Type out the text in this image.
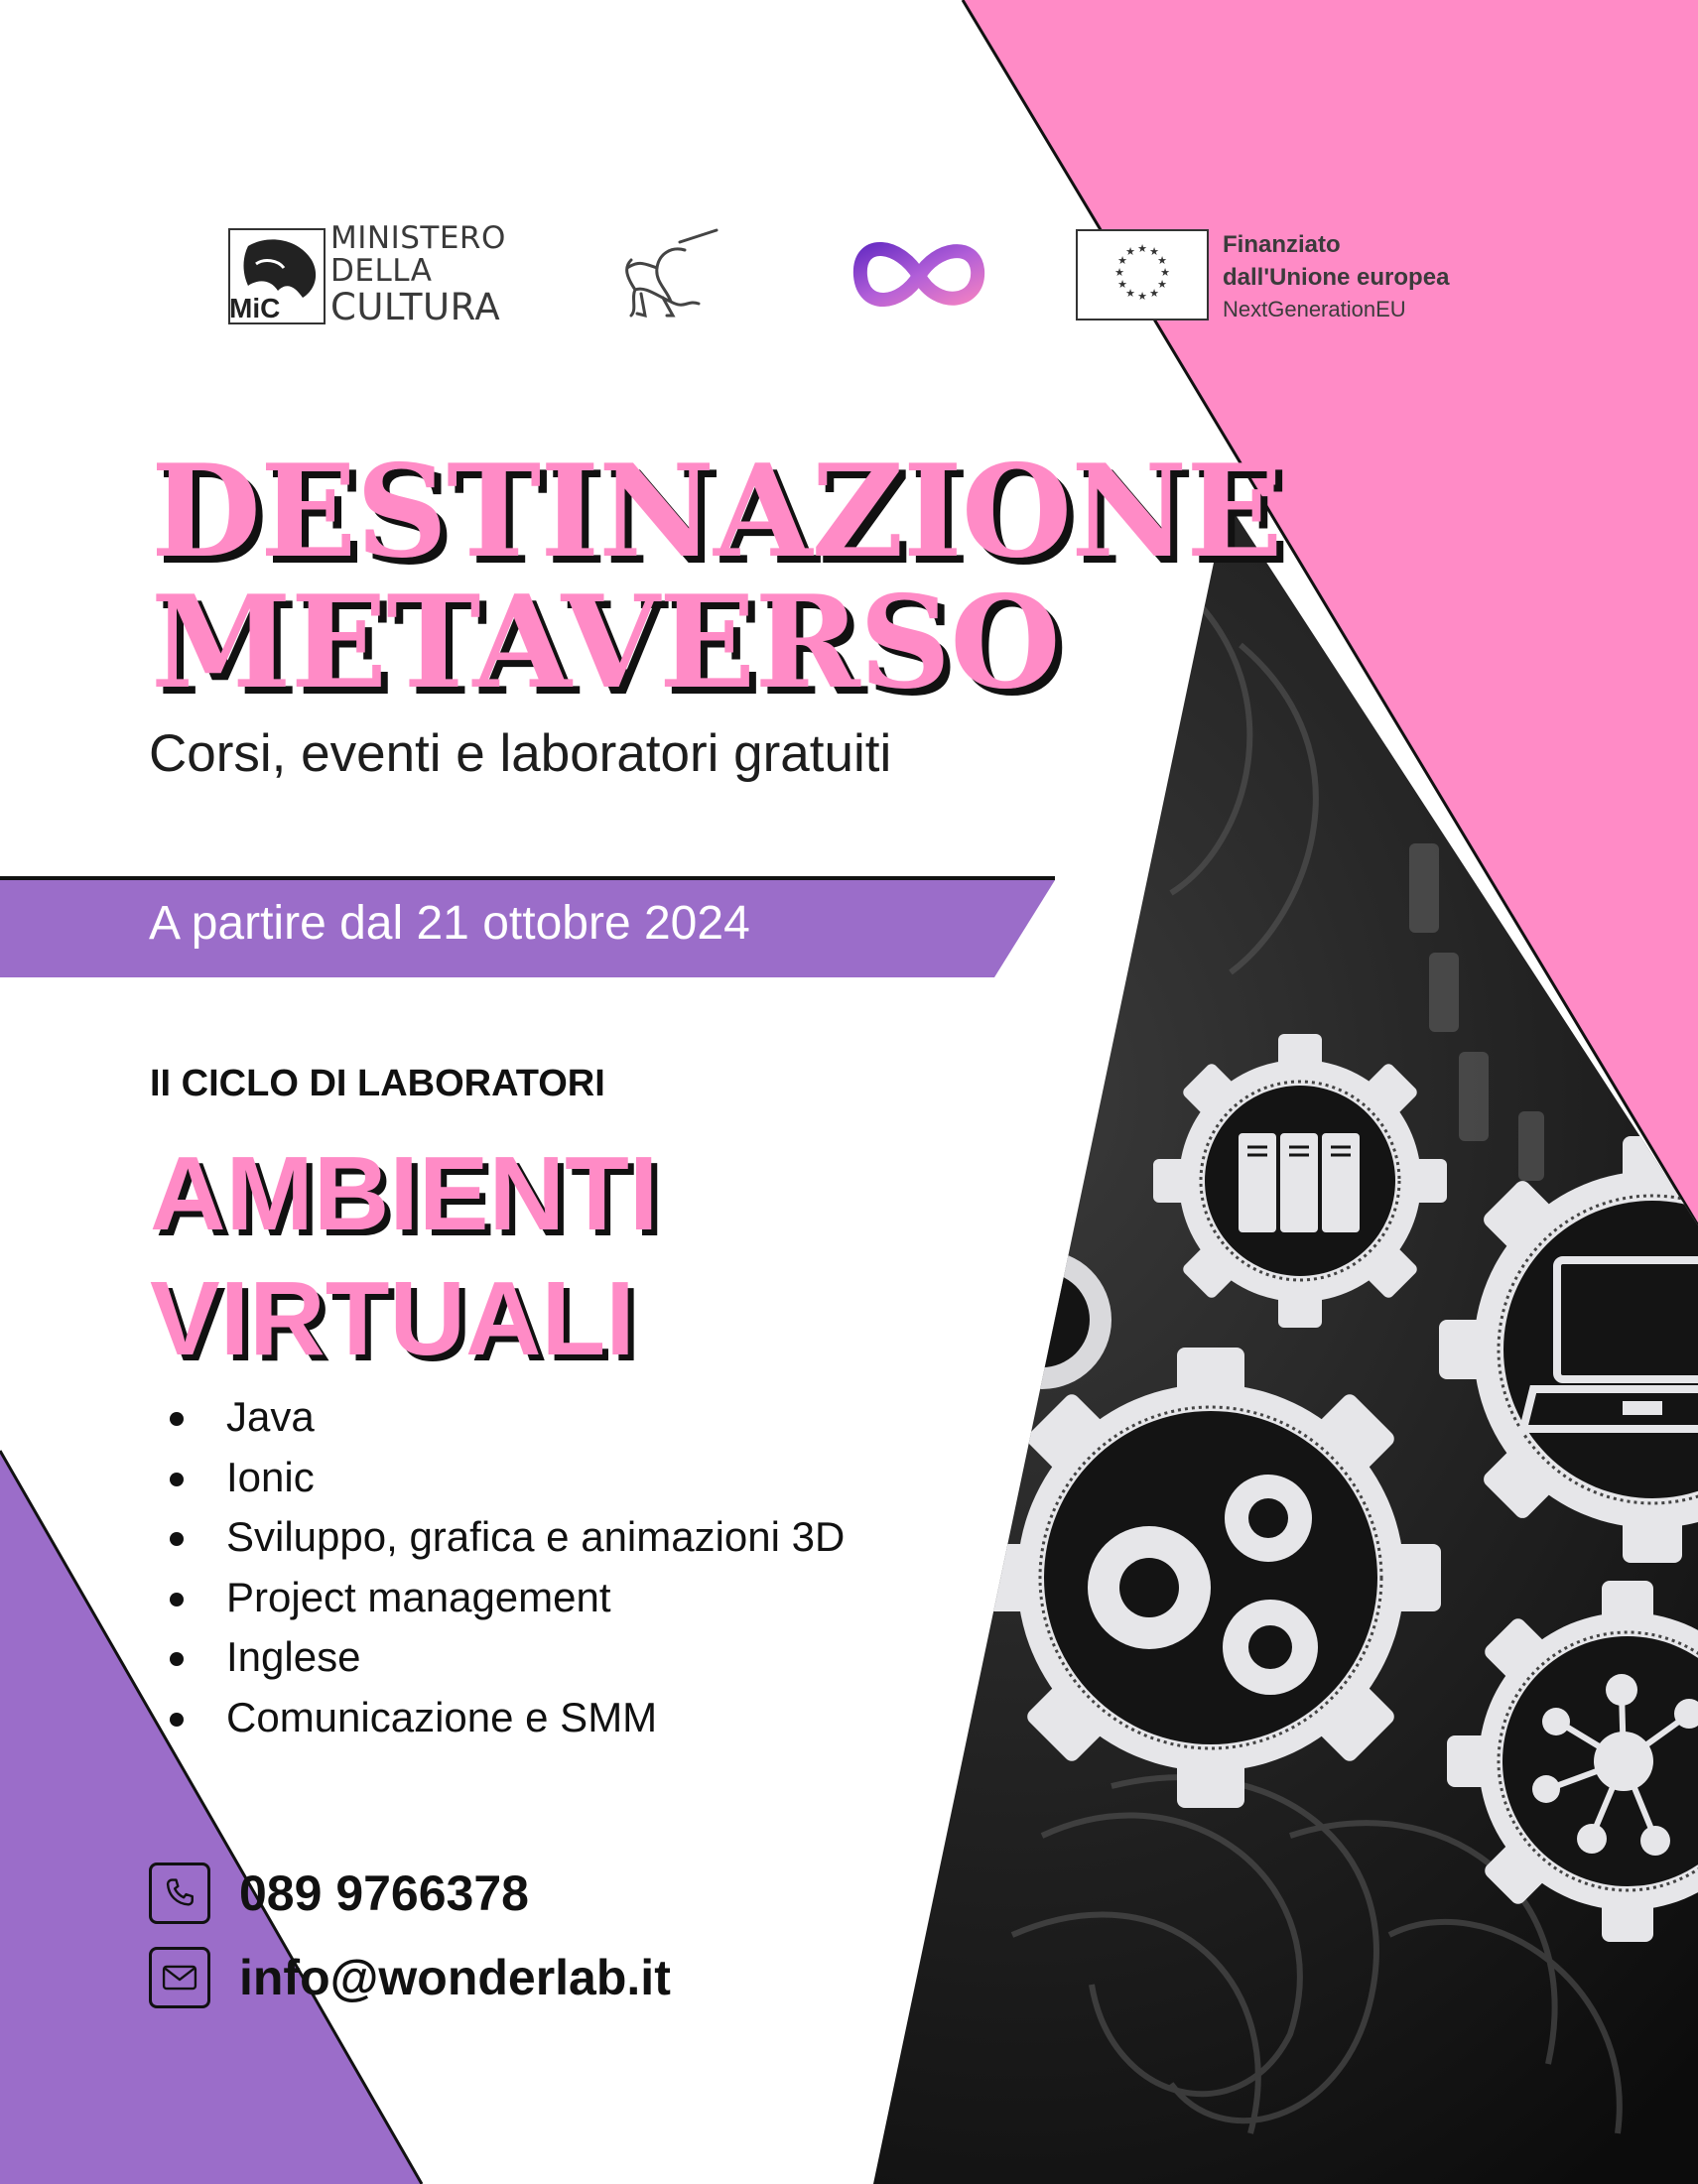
★ ★
★
★
★
★
★
★
★
★
★
★
MINISTERO
DELLA
CULTURA
MiC
Finanziato
dall'Unione europea
NextGenerationEU
DESTINAZIONE
METAVERSO
Corsi, eventi e laboratori gratuiti
A partire dal 21 ottobre 2024
II CICLO DI LABORATORI
AMBIENTI
VIRTUALI
Java
Ionic
Sviluppo, grafica e animazioni 3D
Project management
Inglese
Comunicazione e SMM
089 9766378
info@wonderlab.it
